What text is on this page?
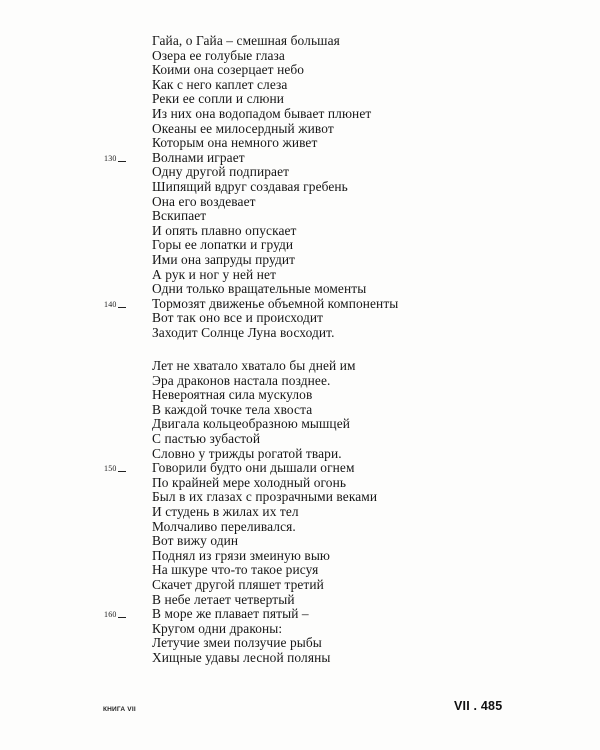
Гайа, о Гайа – смешная большая
Озера ее голубые глаза
Коими она созерцает небо
Как с него каплет слеза
Реки ее сопли и слюни
Из них она водопадом бывает плюнет
Океаны ее милосердный живот
Которым она немного живет
130	Волнами играет
Одну другой подпирает
Шипящий вдруг создавая гребень
Она его воздевает
Вскипает
И опять плавно опускает
Горы ее лопатки и груди
Ими она запруды прудит
А рук и ног у ней нет
Одни только вращательные моменты
140	Тормозят движенье объемной компоненты
Вот так оно все и происходит
Заходит Солнце Луна восходит.
Лет не хватало хватало бы дней им
Эра драконов настала позднее.
Невероятная сила мускулов
В каждой точке тела хвоста
Двигала кольцеобразною мышцей
С пастью зубастой
Словно у трижды рогатой твари.
150	Говорили будто они дышали огнем
По крайней мере холодный огонь
Был в их глазах с прозрачными веками
И студень в жилах их тел
Молчаливо переливался.
Вот вижу один
Поднял из грязи змеиную выю
На шкуре что-то такое рисуя
Скачет другой пляшет третий
В небе летает четвертый
160	В море же плавает пятый –
Кругом одни драконы:
Летучие змеи ползучие рыбы
Хищные удавы лесной поляны
КНИГА VII	VII . 485
